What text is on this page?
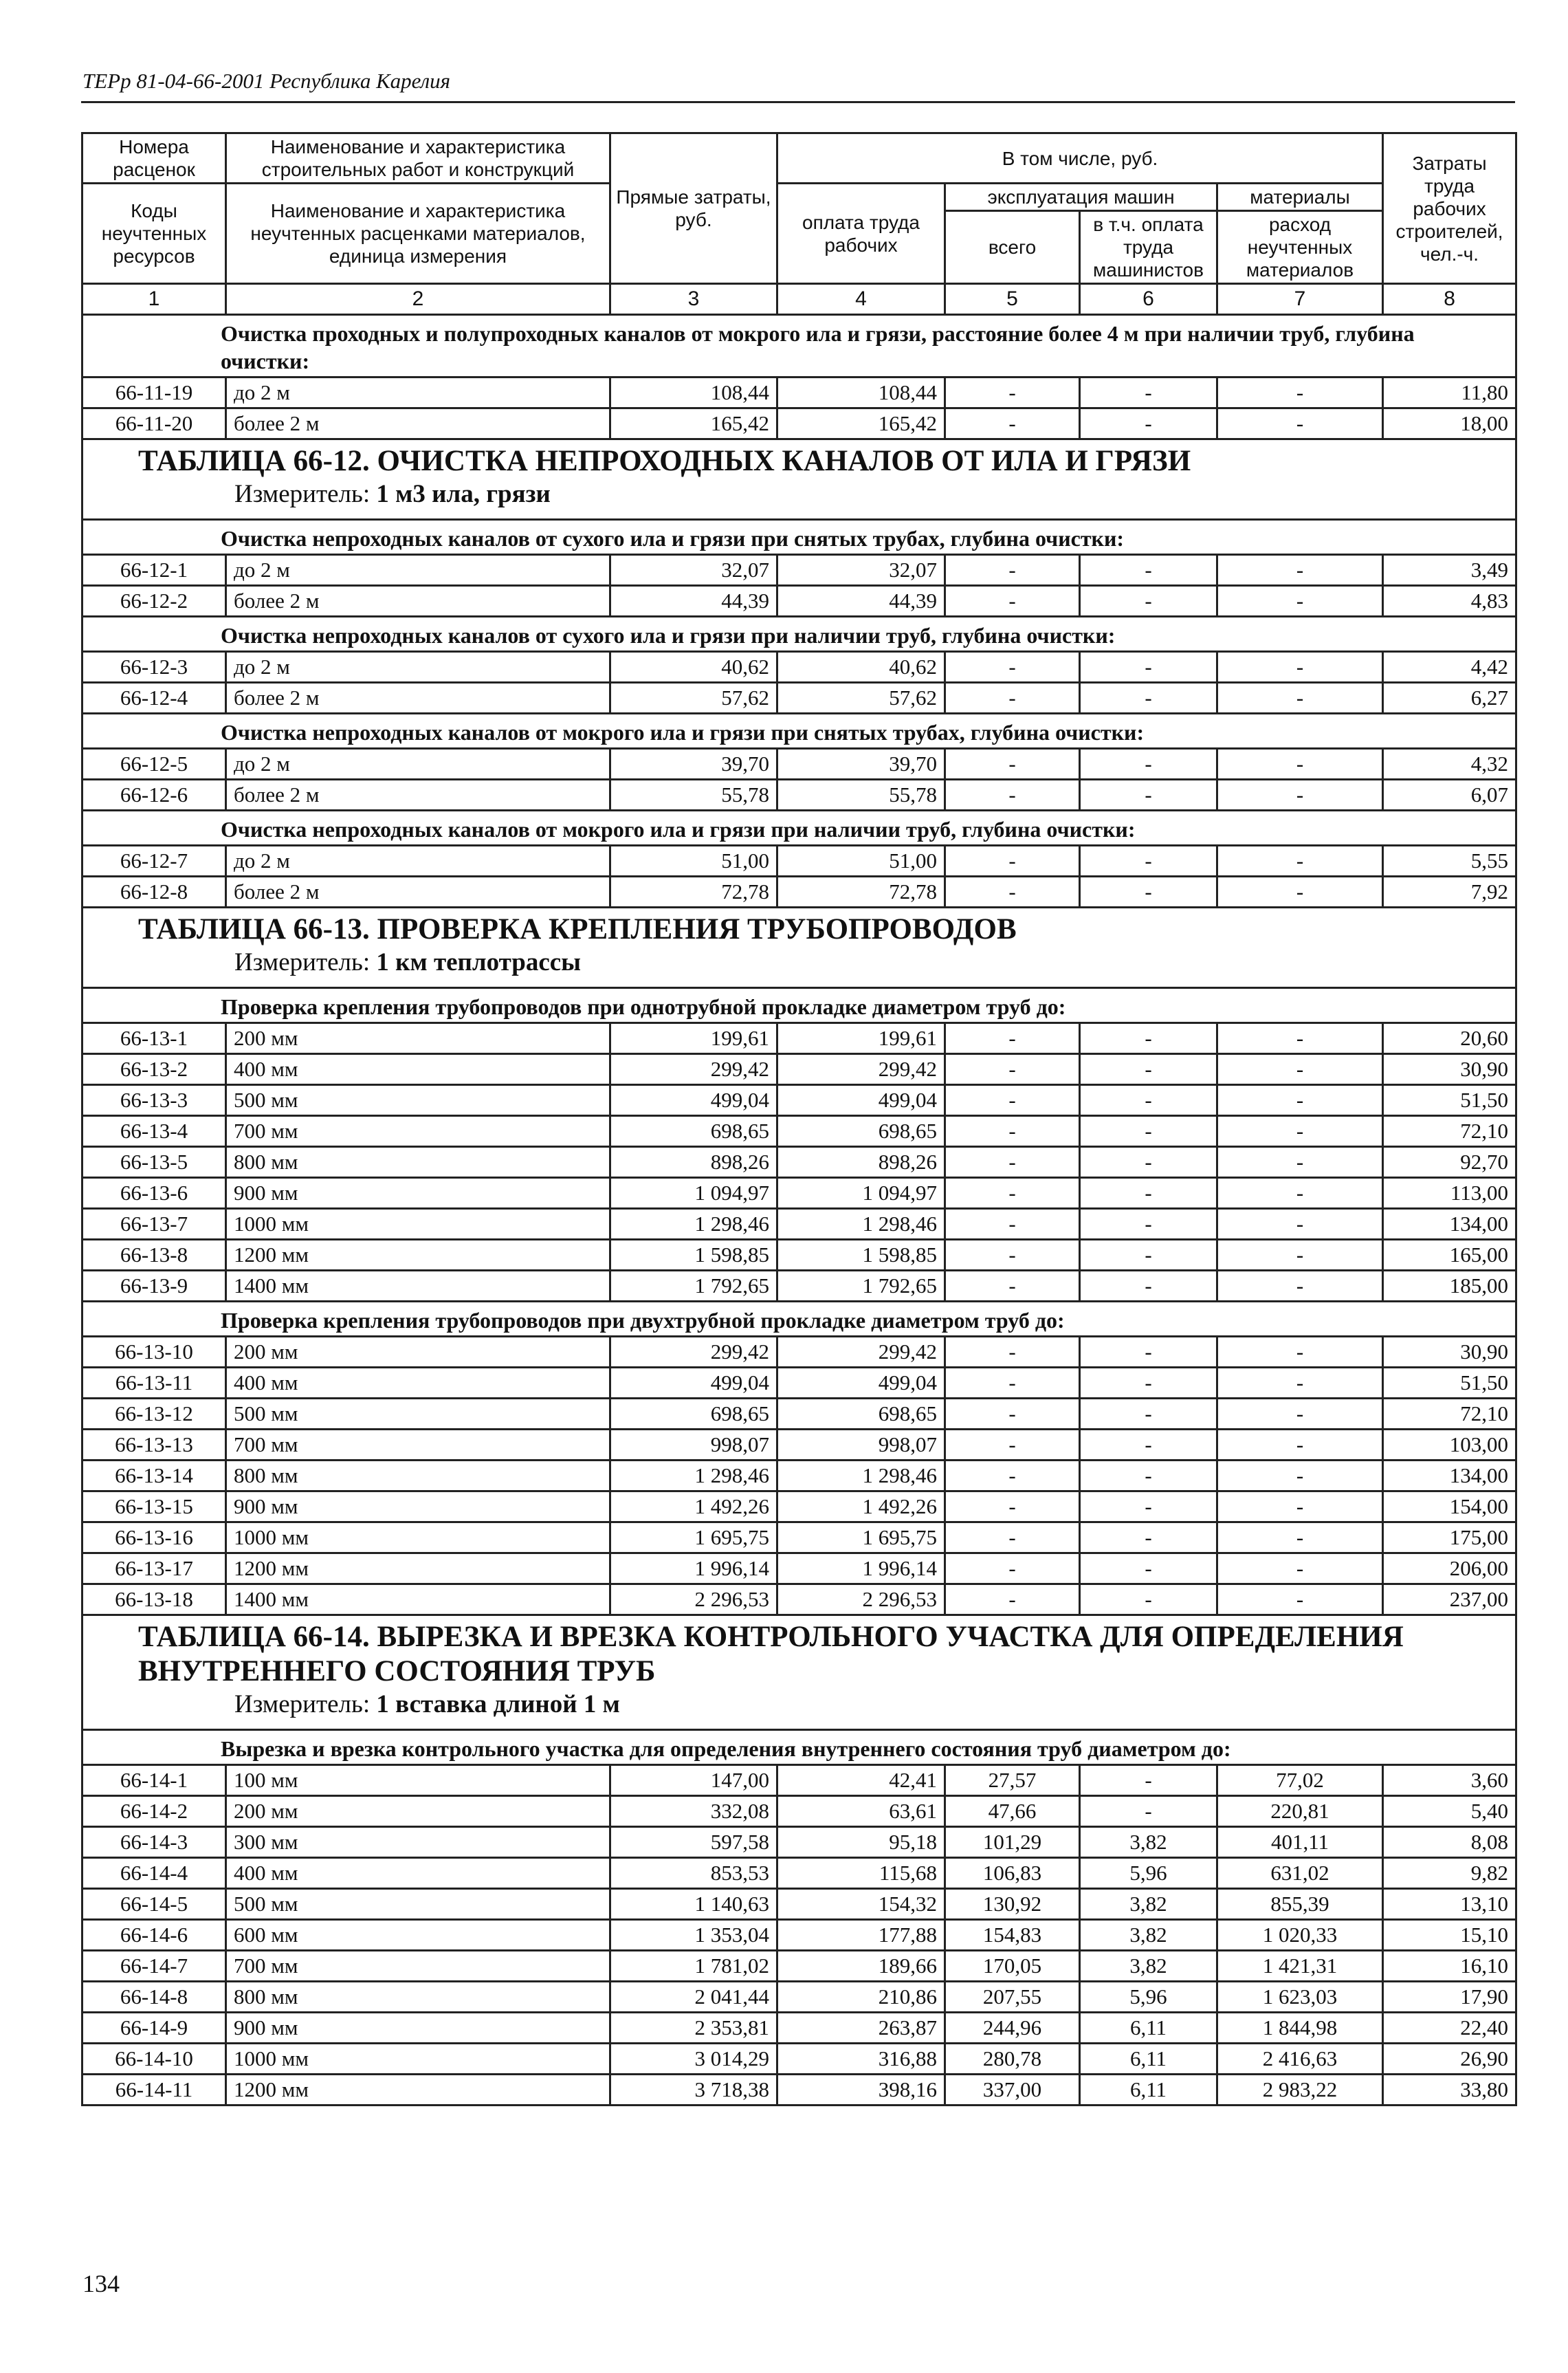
ТЕРр 81-04-66-2001 Республика Карелия
Номера расценок	Наименование и характеристика строительных работ и конструкций	Прямые затраты, руб.	В том числе, руб.				Затраты труда рабочих строителей, чел.-ч.
Коды неучтенных ресурсов	Наименование и характеристика неучтенных расценками материалов, единица измерения		оплата труда рабочих	эксплуатация машин		материалы	
				всего	в т.ч. оплата труда машинистов	расход неучтенных материалов	
1	2	3	4	5	6	7	8
Очистка проходных и полупроходных каналов от мокрого ила и грязи, расстояние более 4 м при наличии труб, глубина очистки:							
66-11-19	до 2 м	108,44	108,44	-	-	-	11,80
66-11-20	более 2 м	165,42	165,42	-	-	-	18,00
ТАБЛИЦА 66-12. ОЧИСТКА НЕПРОХОДНЫХ КАНАЛОВ ОТ ИЛА И ГРЯЗИ							
Измеритель: 1 м3 ила, грязи							
Очистка непроходных каналов от сухого ила и грязи при снятых трубах, глубина очистки:							
66-12-1	до 2 м	32,07	32,07	-	-	-	3,49
66-12-2	более 2 м	44,39	44,39	-	-	-	4,83
Очистка непроходных каналов от сухого ила и грязи при наличии труб, глубина очистки:							
66-12-3	до 2 м	40,62	40,62	-	-	-	4,42
66-12-4	более 2 м	57,62	57,62	-	-	-	6,27
Очистка непроходных каналов от мокрого ила и грязи при снятых трубах, глубина очистки:							
66-12-5	до 2 м	39,70	39,70	-	-	-	4,32
66-12-6	более 2 м	55,78	55,78	-	-	-	6,07
Очистка непроходных каналов от мокрого ила и грязи при наличии труб, глубина очистки:							
66-12-7	до 2 м	51,00	51,00	-	-	-	5,55
66-12-8	более 2 м	72,78	72,78	-	-	-	7,92
ТАБЛИЦА 66-13. ПРОВЕРКА КРЕПЛЕНИЯ ТРУБОПРОВОДОВ							
Измеритель: 1 км теплотрассы							
Проверка крепления трубопроводов при однотрубной прокладке диаметром труб до:							
66-13-1	200 мм	199,61	199,61	-	-	-	20,60
66-13-2	400 мм	299,42	299,42	-	-	-	30,90
66-13-3	500 мм	499,04	499,04	-	-	-	51,50
66-13-4	700 мм	698,65	698,65	-	-	-	72,10
66-13-5	800 мм	898,26	898,26	-	-	-	92,70
66-13-6	900 мм	1 094,97	1 094,97	-	-	-	113,00
66-13-7	1000 мм	1 298,46	1 298,46	-	-	-	134,00
66-13-8	1200 мм	1 598,85	1 598,85	-	-	-	165,00
66-13-9	1400 мм	1 792,65	1 792,65	-	-	-	185,00
Проверка крепления трубопроводов при двухтрубной прокладке диаметром труб до:							
66-13-10	200 мм	299,42	299,42	-	-	-	30,90
66-13-11	400 мм	499,04	499,04	-	-	-	51,50
66-13-12	500 мм	698,65	698,65	-	-	-	72,10
66-13-13	700 мм	998,07	998,07	-	-	-	103,00
66-13-14	800 мм	1 298,46	1 298,46	-	-	-	134,00
66-13-15	900 мм	1 492,26	1 492,26	-	-	-	154,00
66-13-16	1000 мм	1 695,75	1 695,75	-	-	-	175,00
66-13-17	1200 мм	1 996,14	1 996,14	-	-	-	206,00
66-13-18	1400 мм	2 296,53	2 296,53	-	-	-	237,00
ТАБЛИЦА 66-14. ВЫРЕЗКА И ВРЕЗКА КОНТРОЛЬНОГО УЧАСТКА ДЛЯ ОПРЕДЕЛЕНИЯ ВНУТРЕННЕГО СОСТОЯНИЯ ТРУБ							
Измеритель: 1 вставка длиной 1 м							
Вырезка и врезка контрольного участка для определения внутреннего состояния труб диаметром до:							
66-14-1	100 мм	147,00	42,41	27,57	-	77,02	3,60
66-14-2	200 мм	332,08	63,61	47,66	-	220,81	5,40
66-14-3	300 мм	597,58	95,18	101,29	3,82	401,11	8,08
66-14-4	400 мм	853,53	115,68	106,83	5,96	631,02	9,82
66-14-5	500 мм	1 140,63	154,32	130,92	3,82	855,39	13,10
66-14-6	600 мм	1 353,04	177,88	154,83	3,82	1 020,33	15,10
66-14-7	700 мм	1 781,02	189,66	170,05	3,82	1 421,31	16,10
66-14-8	800 мм	2 041,44	210,86	207,55	5,96	1 623,03	17,90
66-14-9	900 мм	2 353,81	263,87	244,96	6,11	1 844,98	22,40
66-14-10	1000 мм	3 014,29	316,88	280,78	6,11	2 416,63	26,90
66-14-11	1200 мм	3 718,38	398,16	337,00	6,11	2 983,22	33,80
134
